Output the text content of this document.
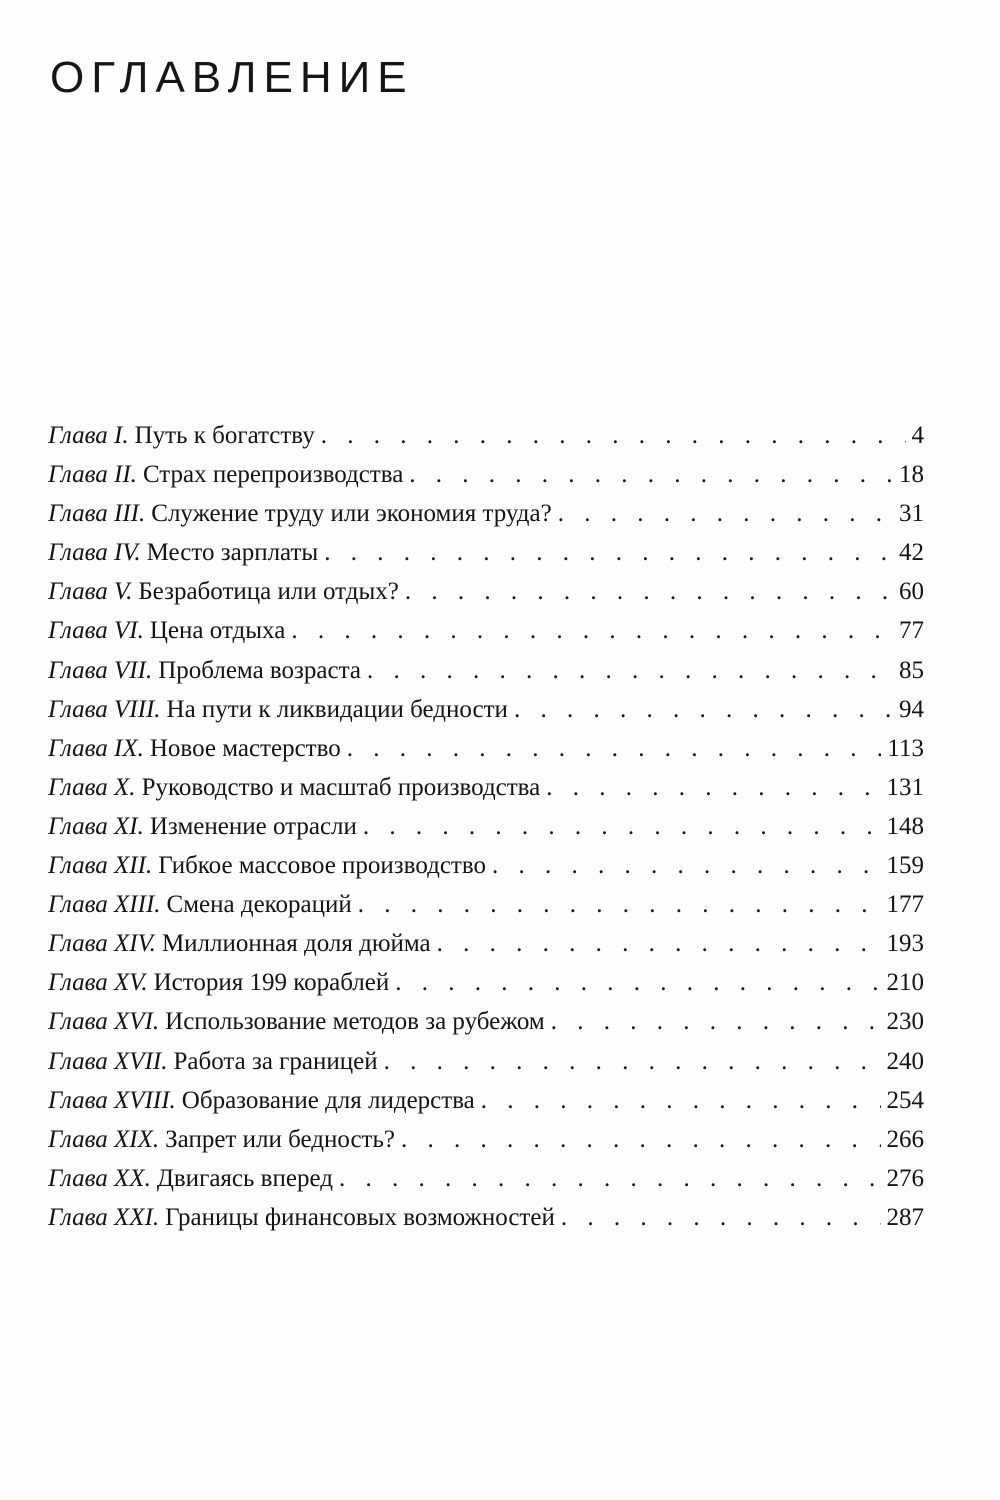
ОГЛАВЛЕНИЕ
Глава I. Путь к богатству . . .	4
Глава II. Страх перепроизводства . . .	18
Глава III. Служение труду или экономия труда? . . .	31
Глава IV. Место зарплаты . . .	42
Глава V. Безработица или отдых? . . .	60
Глава VI. Цена отдыха . . .	77
Глава VII. Проблема возраста . . .	85
Глава VIII. На пути к ликвидации бедности . . .	94
Глава IX. Новое мастерство . . .	113
Глава X. Руководство и масштаб производства . . .	131
Глава XI. Изменение отрасли . . .	148
Глава XII. Гибкое массовое производство . . .	159
Глава XIII. Смена декораций . . .	177
Глава XIV. Миллионная доля дюйма . . .	193
Глава XV. История 199 кораблей . . .	210
Глава XVI. Использование методов за рубежом . . .	230
Глава XVII. Работа за границей . . .	240
Глава XVIII. Образование для лидерства . . .	254
Глава XIX. Запрет или бедность? . . .	266
Глава XX. Двигаясь вперед . . .	276
Глава XXI. Границы финансовых возможностей . . .	287
